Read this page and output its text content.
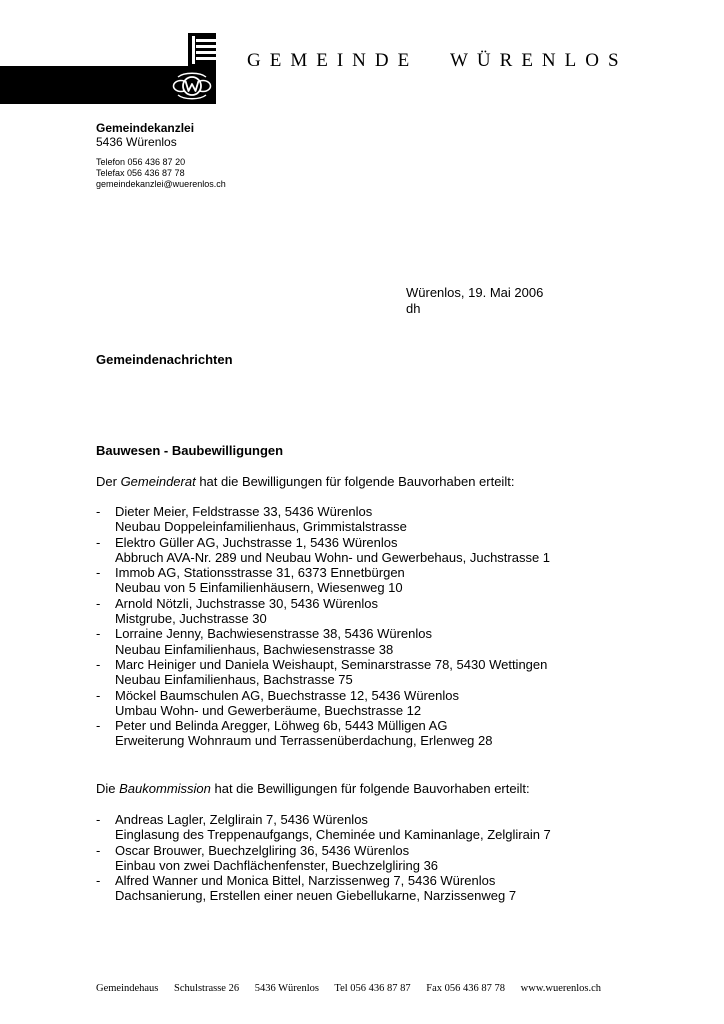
GEMEINDE WÜRENLOS
Gemeindekanzlei
5436 Würenlos
Telefon 056 436 87 20
Telefax 056 436 87 78
gemeindekanzlei@wuerenlos.ch
Würenlos, 19. Mai 2006
dh
Gemeindenachrichten
Bauwesen - Baubewilligungen
Der Gemeinderat hat die Bewilligungen für folgende Bauvorhaben erteilt:
- Dieter Meier, Feldstrasse 33, 5436 Würenlos
Neubau Doppeleinfamilienhaus, Grimmistalstrasse
- Elektro Güller AG, Juchstrasse 1, 5436 Würenlos
Abbruch AVA-Nr. 289 und Neubau Wohn- und Gewerbehaus, Juchstrasse 1
- Immob AG, Stationsstrasse 31, 6373 Ennetbürgen
Neubau von 5 Einfamilienhäusern, Wiesenweg 10
- Arnold Nötzli, Juchstrasse 30, 5436 Würenlos
Mistgrube, Juchstrasse 30
- Lorraine Jenny, Bachwiesenstrasse 38, 5436 Würenlos
Neubau Einfamilienhaus, Bachwiesenstrasse 38
- Marc Heiniger und Daniela Weishaupt, Seminarstrasse 78, 5430 Wettingen
Neubau Einfamilienhaus, Bachstrasse 75
- Möckel Baumschulen AG, Buechstrasse 12, 5436 Würenlos
Umbau Wohn- und Gewerberäume, Buechstrasse 12
- Peter und Belinda Aregger, Löhweg 6b, 5443 Mülligen AG
Erweiterung Wohnraum und Terrassenüberdachung, Erlenweg 28
Die Baukommission hat die Bewilligungen für folgende Bauvorhaben erteilt:
- Andreas Lagler, Zelglirain 7, 5436 Würenlos
Einglasung des Treppenaufgangs, Cheminée und Kaminanlage, Zelglirain 7
- Oscar Brouwer, Buechzelgliring 36, 5436 Würenlos
Einbau von zwei Dachflächenfenster, Buechzelgliring 36
- Alfred Wanner und Monica Bittel, Narzissenweg 7, 5436 Würenlos
Dachsanierung, Erstellen einer neuen Giebellukarne, Narzissenweg 7
Gemeindehaus Schulstrasse 26 5436 Würenlos Tel 056 436 87 87 Fax 056 436 87 78 www.wuerenlos.ch
